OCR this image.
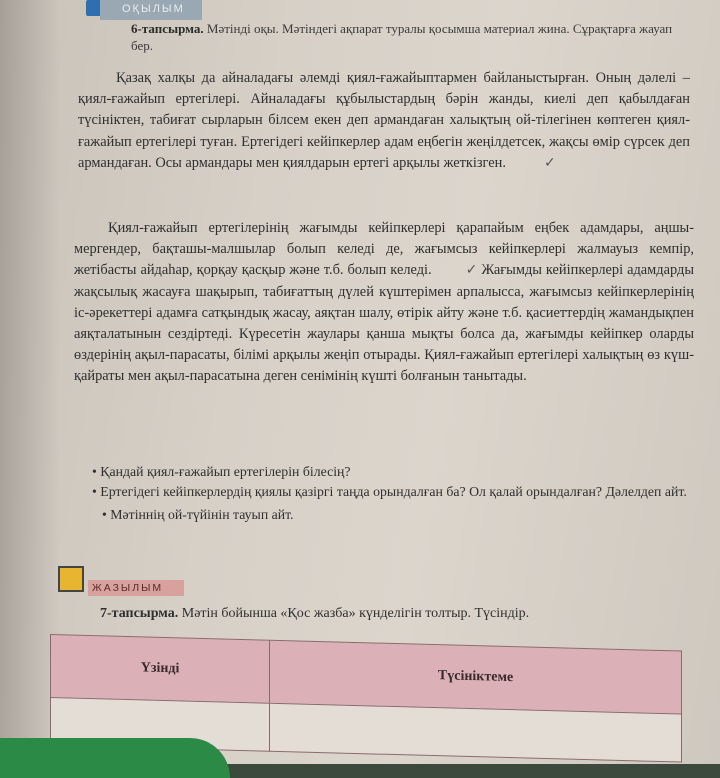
ОҚЫЛЫМ
6-тапсырма. Мәтінді оқы. Мәтіндегі ақпарат туралы қосымша материал жина. Сұрақтарға жауап бер.
Қазақ халқы да айналадағы әлемді қиял-ғажайыптармен байланыстырған. Оның дәлелі – қиял-ғажайып ертегілері. Айналадағы құбылыстардың бәрін жанды, киелі деп қабылдаған түсініктен, табиғат сырларын білсем екен деп армандаған халықтың ой-тілегінен көптеген қиял-ғажайып ертегілері туған. Ертегідегі кейіпкерлер адам еңбегін жеңілдетсек, жақсы өмір сүрсек деп армандаған. Осы армандары мен қиялдарын ертегі арқылы жеткізген.	✓
Қиял-ғажайып ертегілерінің жағымды кейіпкерлері қарапайым еңбек адамдары, аңшы-мергендер, бақташы-малшылар болып келеді де, жағымсыз кейіпкерлері жалмауыз кемпір, жетібасты айдаһар, қорқау қасқыр және т.б. болып келеді. ✓ Жағымды кейіпкерлері адамдарды жақсылық жасауға шақырып, табиғаттың дүлей күштерімен арпалысса, жағымсыз кейіпкерлерінің іс-әрекеттері адамға сатқындық жасау, аяқтан шалу, өтірік айту және т.б. қасиеттердің жамандықпен аяқталатынын сездіртеді. Күресетін жаулары қанша мықты болса да, жағымды кейіпкер оларды өздерінің ақыл-парасаты, білімі арқылы жеңіп отырады. Қиял-ғажайып ертегілері халықтың өз күш-қайраты мен ақыл-парасатына деген сенімінің күшті болғанын танытады.

• Қандай қиял-ғажайып ертегілерін білесің?

• Ертегідегі кейіпкерлердің қиялы қазіргі таңда орындалған ба? Ол қалай орындалған? Дәлелдеп айт.

• Мәтіннің ой-түйінін тауып айт.

ЖАЗЫЛЫМ
7-тапсырма. Мәтін бойынша «Қос жазба» күнделігін толтыр. Түсіндір.
Үзінді	Түсініктеме
